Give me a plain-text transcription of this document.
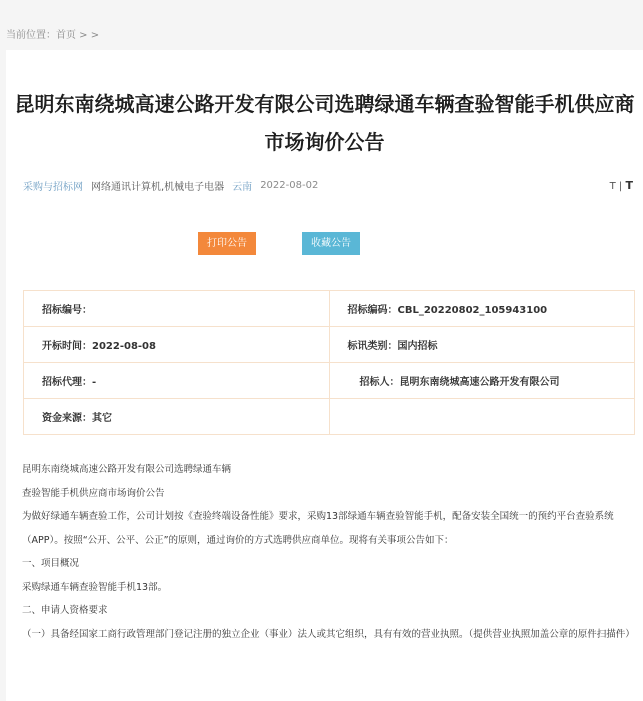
当前位置：首页 > >
昆明东南绕城高速公路开发有限公司选聘绿通车辆查验智能手机供应商市场询价公告
采购与招标网 网络通讯计算机,机械电子电器 云南 2022-08-02	T | T
打印公告	收藏公告
招标编号：	招标编码：CBL_20220802_105943100
开标时间：2022-08-08	标讯类别：国内招标
招标代理：-	招标人：昆明东南绕城高速公路开发有限公司
资金来源：其它	

昆明东南绕城高速公路开发有限公司选聘绿通车辆

查验智能手机供应商市场询价公告

为做好绿通车辆查验工作，公司计划按《查验终端设备性能》要求，采购13部绿通车辆查验智能手机，配备安装全国统一的预约平台查验系统（APP）。按照“公开、公平、公正”的原则，通过询价的方式选聘供应商单位。现将有关事项公告如下：

一、项目概况

采购绿通车辆查验智能手机13部。

二、申请人资格要求

（一）具备经国家工商行政管理部门登记注册的独立企业（事业）法人或其它组织，具有有效的营业执照。（提供营业执照加盖公章的原件扫描件）
